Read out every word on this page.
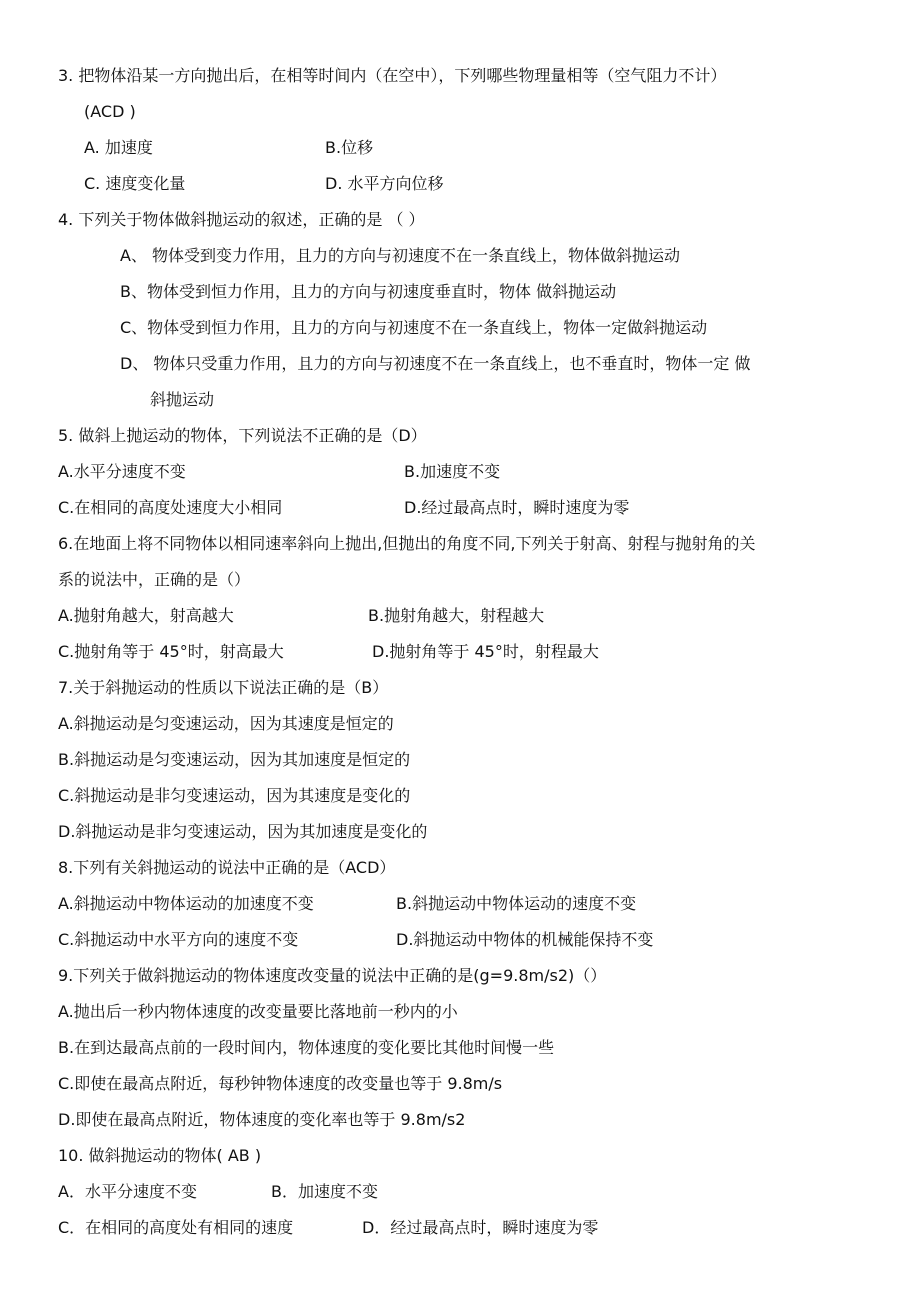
3. 把物体沿某一方向抛出后，在相等时间内（在空中），下列哪些物理量相等（空气阻力不计）
(ACD )
A. 加速度	B.位移
C. 速度变化量	D. 水平方向位移
4. 下列关于物体做斜抛运动的叙述，正确的是 （ ）
A、 物体受到变力作用，且力的方向与初速度不在一条直线上，物体做斜抛运动
B、物体受到恒力作用，且力的方向与初速度垂直时，物体 做斜抛运动
C、物体受到恒力作用，且力的方向与初速度不在一条直线上，物体一定做斜抛运动
D、 物体只受重力作用，且力的方向与初速度不在一条直线上，也不垂直时，物体一定 做
斜抛运动
5. 做斜上抛运动的物体，下列说法不正确的是（D）
A.水平分速度不变	B.加速度不变
C.在相同的高度处速度大小相同	D.经过最高点时，瞬时速度为零
6.在地面上将不同物体以相同速率斜向上抛出,但抛出的角度不同,下列关于射高、射程与抛射角的关
系的说法中，正确的是（）
A.抛射角越大，射高越大	B.抛射角越大，射程越大
C.抛射角等于 45°时，射高最大	D.抛射角等于 45°时，射程最大
7.关于斜抛运动的性质以下说法正确的是（B）
A.斜抛运动是匀变速运动，因为其速度是恒定的
B.斜抛运动是匀变速运动，因为其加速度是恒定的
C.斜抛运动是非匀变速运动，因为其速度是变化的
D.斜抛运动是非匀变速运动，因为其加速度是变化的
8.下列有关斜抛运动的说法中正确的是（ACD）
A.斜抛运动中物体运动的加速度不变	B.斜抛运动中物体运动的速度不变
C.斜抛运动中水平方向的速度不变	D.斜抛运动中物体的机械能保持不变
9.下列关于做斜抛运动的物体速度改变量的说法中正确的是(g=9.8m/s2)（）
A.抛出后一秒内物体速度的改变量要比落地前一秒内的小
B.在到达最高点前的一段时间内，物体速度的变化要比其他时间慢一些
C.即使在最高点附近，每秒钟物体速度的改变量也等于 9.8m/s
D.即使在最高点附近，物体速度的变化率也等于 9.8m/s2
10. 做斜抛运动的物体( AB )
A．水平分速度不变	B．加速度不变
C．在相同的高度处有相同的速度	D．经过最高点时，瞬时速度为零
